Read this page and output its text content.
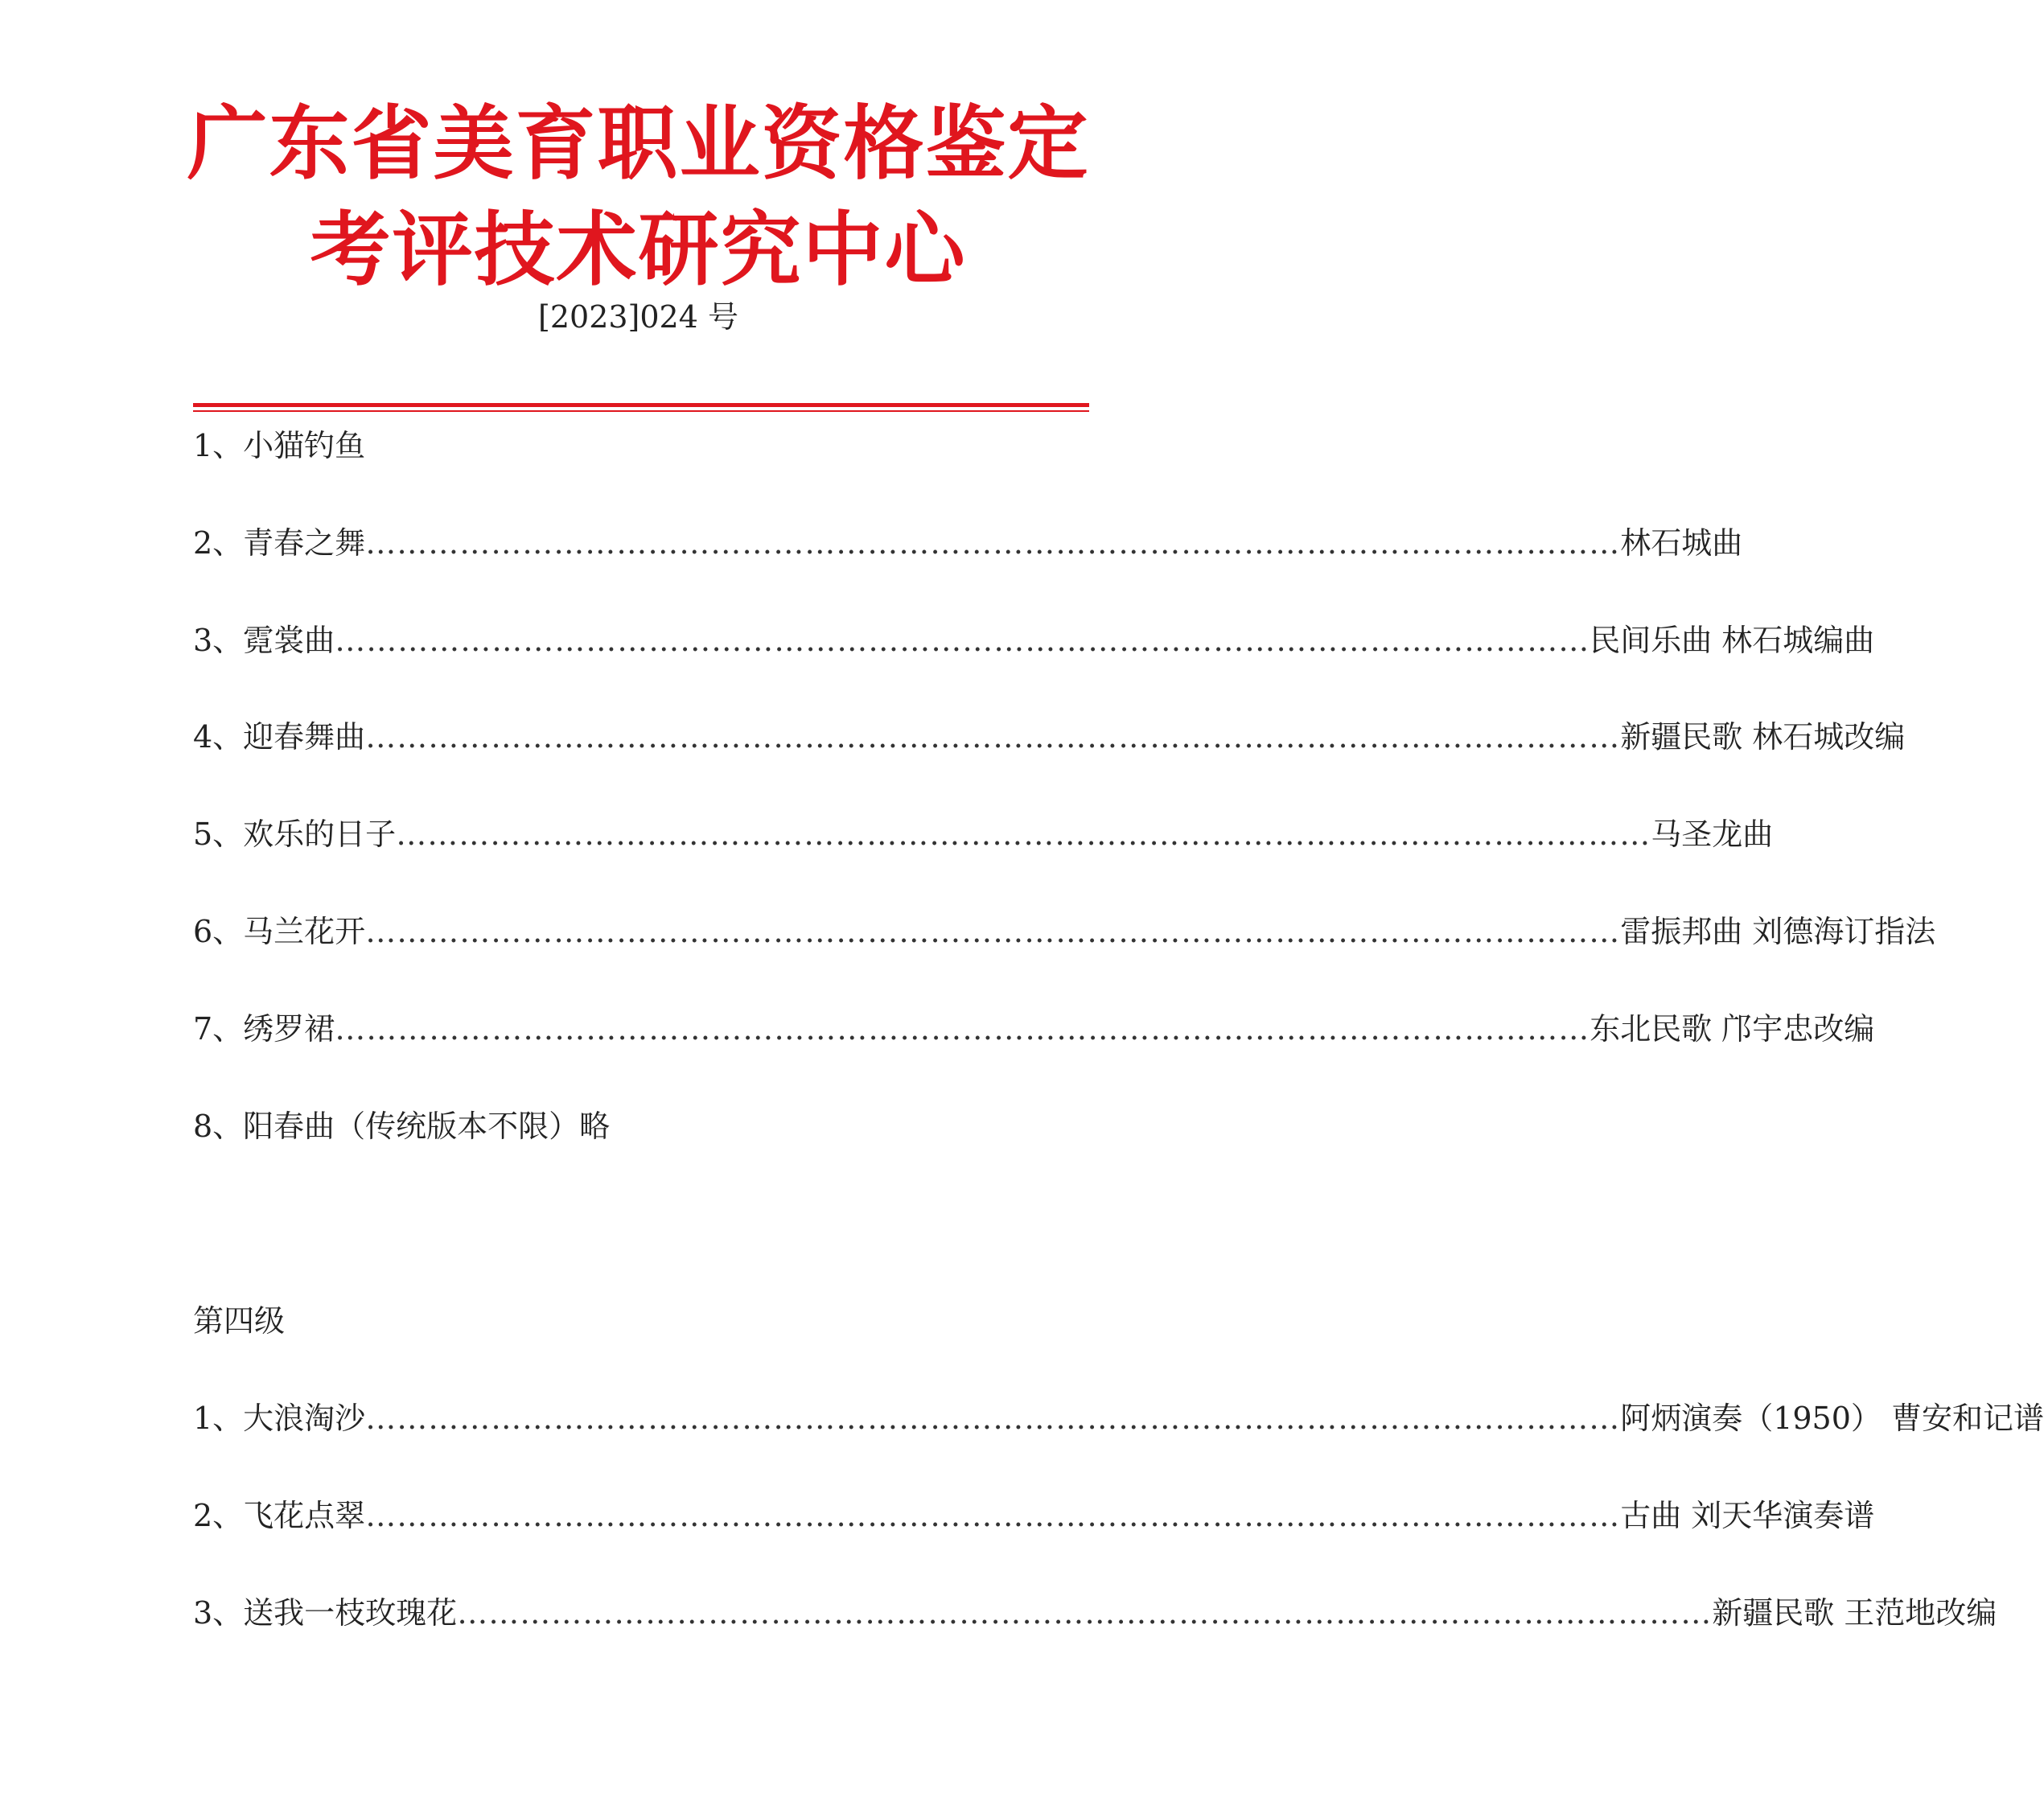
广东省美育职业资格鉴定
考评技术研究中心
[2023]024 号
1、小猫钓鱼
2、青春之舞 ………………………………………………………………………………………………………… 林石城曲
3、霓裳曲 ………………………………………………………………………………………………………… 民间乐曲 林石城编曲
4、迎春舞曲 ………………………………………………………………………………………………………… 新疆民歌 林石城改编
5、欢乐的日子 ………………………………………………………………………………………………………… 马圣龙曲
6、马兰花开 ………………………………………………………………………………………………………… 雷振邦曲 刘德海订指法
7、绣罗裙 ………………………………………………………………………………………………………… 东北民歌 邝宇忠改编
8、阳春曲（传统版本不限）略
第四级
1、大浪淘沙 ………………………………………………………………………………………………………… 阿炳演奏（1950） 曹安和记谱
2、飞花点翠 ………………………………………………………………………………………………………… 古曲 刘天华演奏谱
3、送我一枝玫瑰花 ………………………………………………………………………………………………………… 新疆民歌 王范地改编
